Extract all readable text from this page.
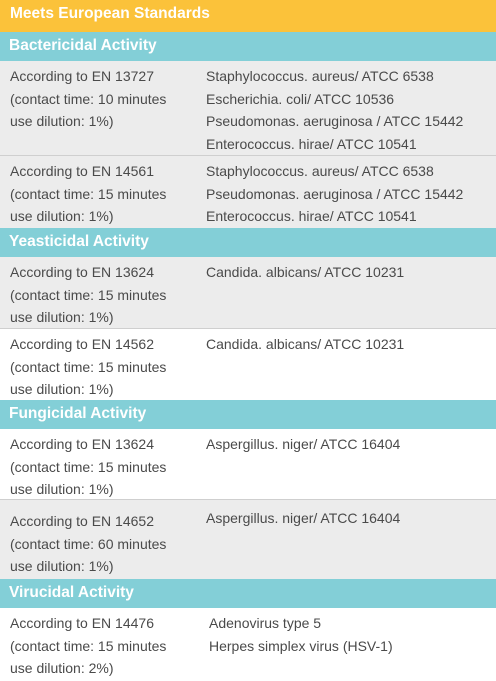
Meets European Standards
Bactericidal Activity
According to EN 13727
(contact time: 10 minutes
use dilution: 1%)
Staphylococcus. aureus/ ATCC 6538
Escherichia. coli/ ATCC 10536
Pseudomonas. aeruginosa / ATCC 15442
Enterococcus. hirae/ ATCC 10541
According to EN 14561
(contact time: 15 minutes
use dilution: 1%)
Staphylococcus. aureus/ ATCC 6538
Pseudomonas. aeruginosa / ATCC 15442
Enterococcus. hirae/ ATCC 10541
Yeasticidal Activity
According to EN 13624
(contact time: 15 minutes
use dilution: 1%)
Candida. albicans/ ATCC 10231
According to EN 14562
(contact time: 15 minutes
use dilution: 1%)
Candida. albicans/ ATCC 10231
Fungicidal Activity
According to EN 13624
(contact time: 15 minutes
use dilution: 1%)
Aspergillus. niger/ ATCC 16404
According to EN 14652
(contact time: 60 minutes
use dilution: 1%)
Aspergillus. niger/ ATCC 16404
Virucidal Activity
According to EN 14476
(contact time: 15 minutes
use dilution: 2%)
Adenovirus type 5
Herpes simplex virus (HSV-1)
